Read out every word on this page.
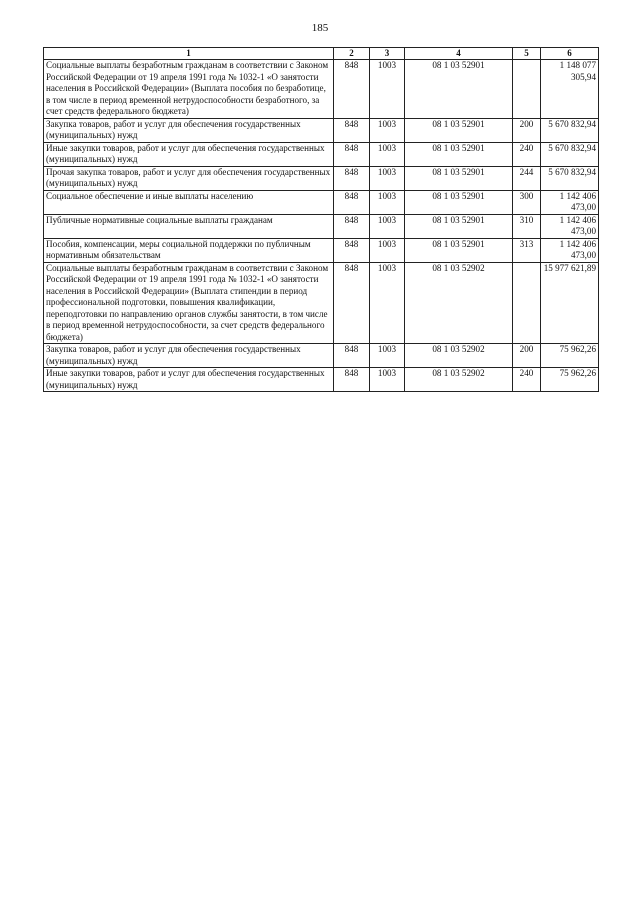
185
1	2	3	4	5	6
Социальные выплаты безработным гражданам в соответствии с Законом Российской Федерации от 19 апреля 1991 года № 1032-1 «О занятости населения в Российской Федерации» (Выплата пособия по безработице, в том числе в период временной нетрудоспособности безработного, за счет средств федерального бюджета)	848	1003	08 1 03 52901		1 148 077 305,94
Закупка товаров, работ и услуг для обеспечения государственных (муниципальных) нужд	848	1003	08 1 03 52901	200	5 670 832,94
Иные закупки товаров, работ и услуг для обеспечения государственных (муниципальных) нужд	848	1003	08 1 03 52901	240	5 670 832,94
Прочая закупка товаров, работ и услуг для обеспечения государственных (муниципальных) нужд	848	1003	08 1 03 52901	244	5 670 832,94
Социальное обеспечение и иные выплаты населению	848	1003	08 1 03 52901	300	1 142 406 473,00
Публичные нормативные социальные выплаты гражданам	848	1003	08 1 03 52901	310	1 142 406 473,00
Пособия, компенсации, меры социальной поддержки по публичным нормативным обязательствам	848	1003	08 1 03 52901	313	1 142 406 473,00
Социальные выплаты безработным гражданам в соответствии с Законом Российской Федерации от 19 апреля 1991 года № 1032-1 «О занятости населения в Российской Федерации» (Выплата стипендии в период профессиональной подготовки, повышения квалификации, переподготовки по направлению органов службы занятости, в том числе в период временной нетрудоспособности, за счет средств федерального бюджета)	848	1003	08 1 03 52902		15 977 621,89
Закупка товаров, работ и услуг для обеспечения государственных (муниципальных) нужд	848	1003	08 1 03 52902	200	75 962,26
Иные закупки товаров, работ и услуг для обеспечения государственных (муниципальных) нужд	848	1003	08 1 03 52902	240	75 962,26
